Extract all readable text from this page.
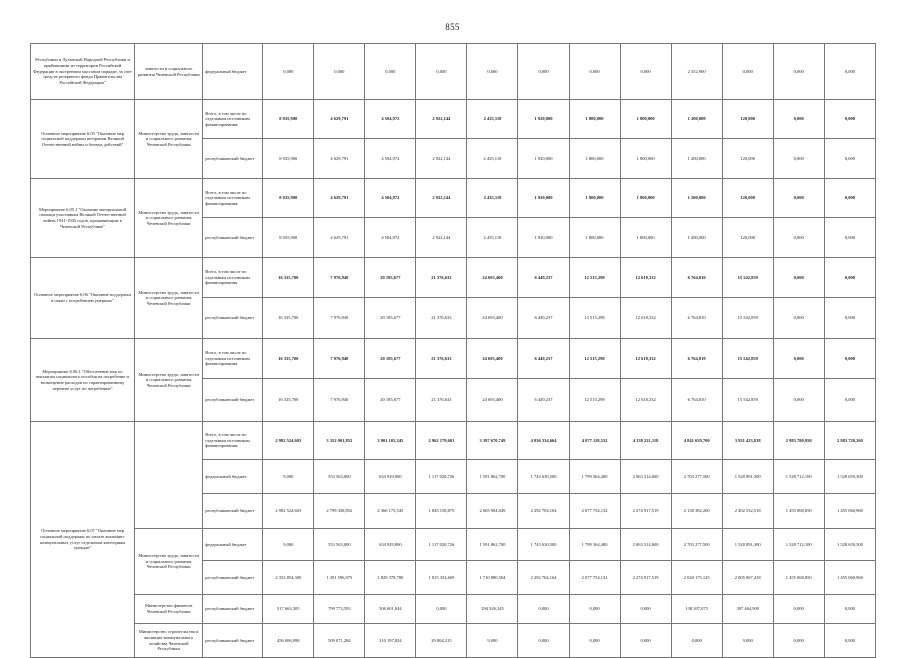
855
Республики и Луганской Народной Республики и прибывшими из территории Российской Федерации в экстренном массовом порядке, за счет средств резервного фонда Правительства Российской Федерации"	занятости и социального развития Чеченской Республики	федеральный бюджет	0,000	0,000	0,000	0,000	0,000	0,000	0,000	0,000	2 352,900	0,000	0,000	0,000
Основное мероприятие 6.05 "Оказание мер социальной поддержки ветеранам Великой Отечественной войны и боевых действий"	Министерство труда, занятости и социального развития Чеченской Республики	Всего, в том числе по отдельным источникам финансирования:	8 035,900	4 629,791	4 504,972	2 922,144	2 435,118	1 920,000	1 800,000	1 800,000	1 200,000	120,000	0,000	0,000
		республиканский бюджет	8 035,900	4 629,791	4 504,972	2 922,144	2 435,118	1 920,000	1 800,000	1 800,000	1 200,000	120,000	0,000	0,000
Мероприятие 6.05.1 "Оказание материальной помощи участникам Великой Отечественной войны 1941-1945 годов, проживающим в Чеченской Республике"	Министерство труда, занятости и социального развития Чеченской Республики	Всего, в том числе по отдельным источникам финансирования:	8 035,900	4 629,791	4 504,972	2 922,144	2 435,118	1 920,000	1 800,000	1 800,000	1 200,000	120,000	0,000	0,000
		республиканский бюджет	8 035,900	4 629,791	4 504,972	2 922,144	2 435,118	1 920,000	1 800,000	1 800,000	1 200,000	120,000	0,000	0,000
Основное мероприятие 6.06 "Оказание поддержки в связи с погребением умерших"	Министерство труда, занятости и социального развития Чеченской Республики	Всего, в том числе по отдельным источникам финансирования	16 335,700	7 976,940	20 185,677	21 376,633	24 693,400	6 449,237	12 515,298	12 618,332	6 764,810	15 542,859	0,000	0,000
		республиканский бюджет	16 335,700	7 976,940	20 185,677	21 376,633	24 693,400	6 449,237	12 515,298	12 618,332	6 764,810	15 542,859	0,000	0,000
Мероприятие 6.06.1 "Обеспечение мер по выплатам социального пособия на погребение и возмещение расходов по гарантированному перечню услуг по погребению"	Министерство труда, занятости и социального развития Чеченской Республики	Всего, в том числе по отдельным источникам финансирования	16 335,700	7 976,940	20 185,677	21 376,633	24 693,400	6 449,237	12 515,298	12 618,332	6 764,810	15 542,859	0,000	0,000
		республиканский бюджет	16 335,700	7 976,940	20 185,677	21 376,633	24 693,400	6 449,237	12 515,298	12 618,332	6 764,810	15 542,859	0,000	0,000
Основное мероприятие 6.07 "Оказание мер социальной поддержки по оплате жилищно-коммунальных услуг отдельным категориям граждан"		Всего, в том числе по отдельным источникам финансирования:	2 982 524,603	3 352 001,852	3 001 105,345	2 962 179,601	3 397 670,749	4 036 334,664	4 077 118,532	4 338 221,118	4 841 659,700	3 931 423,818	2 983 780,950	2 983 720,260
		федеральный бюджет	9,000	553 563,000	634 929,800	1 117 020,726	1 591 862,700	1 743 630,500	1 799 364,400	2 063 314,600	2 703 277,500	1 528 891,300	1 528 712,100	1 528 659,300
		республиканский бюджет	2 982 524,603	2 799 438,852	2 366 175,545	1 845 158,875	2 065 904,049	2 292 704,164	2 077 754,132	2 274 917,519	2 138 382,200	2 402 532,518	1 455 068,850	1 455 060,960
	Министерство труда, занятости и социального развития Чеченской Республики	федеральный бюджет	9,000	553 563,000	634 929,800	1 117 020,726	1 591 862,700	1 743 630,500	1 799 364,400	2 063 314,600	2 703 277,500	1 528 891,300	1 528 712,100	1 528 659,300
		республиканский бюджет	2 353 854,300	1 391 596,975	1 829 378,780	1 815 354,669	1 710 880,504	2 292 704,164	2 077 754,132	2 274 917,519	2 020 175,125	2 005 067,418	1 455 068,850	1 455 060,960
	Министерство финансов Чеченской Республики	республиканский бюджет	517 663,305	799 773,593	506 601,844	0,000	294 926,345	0,000	0,000	0,000	138 207,075	397 464,900	0,000	0,000
	Министерство строительства и жилищно-коммунального хозяйства Чеченской Республики	республиканский бюджет	456 006,998	509 071,284	310 197,824	29 804,215	9,000	0,000	0,000	0,000	0,000	9,000	0,000	0,000
